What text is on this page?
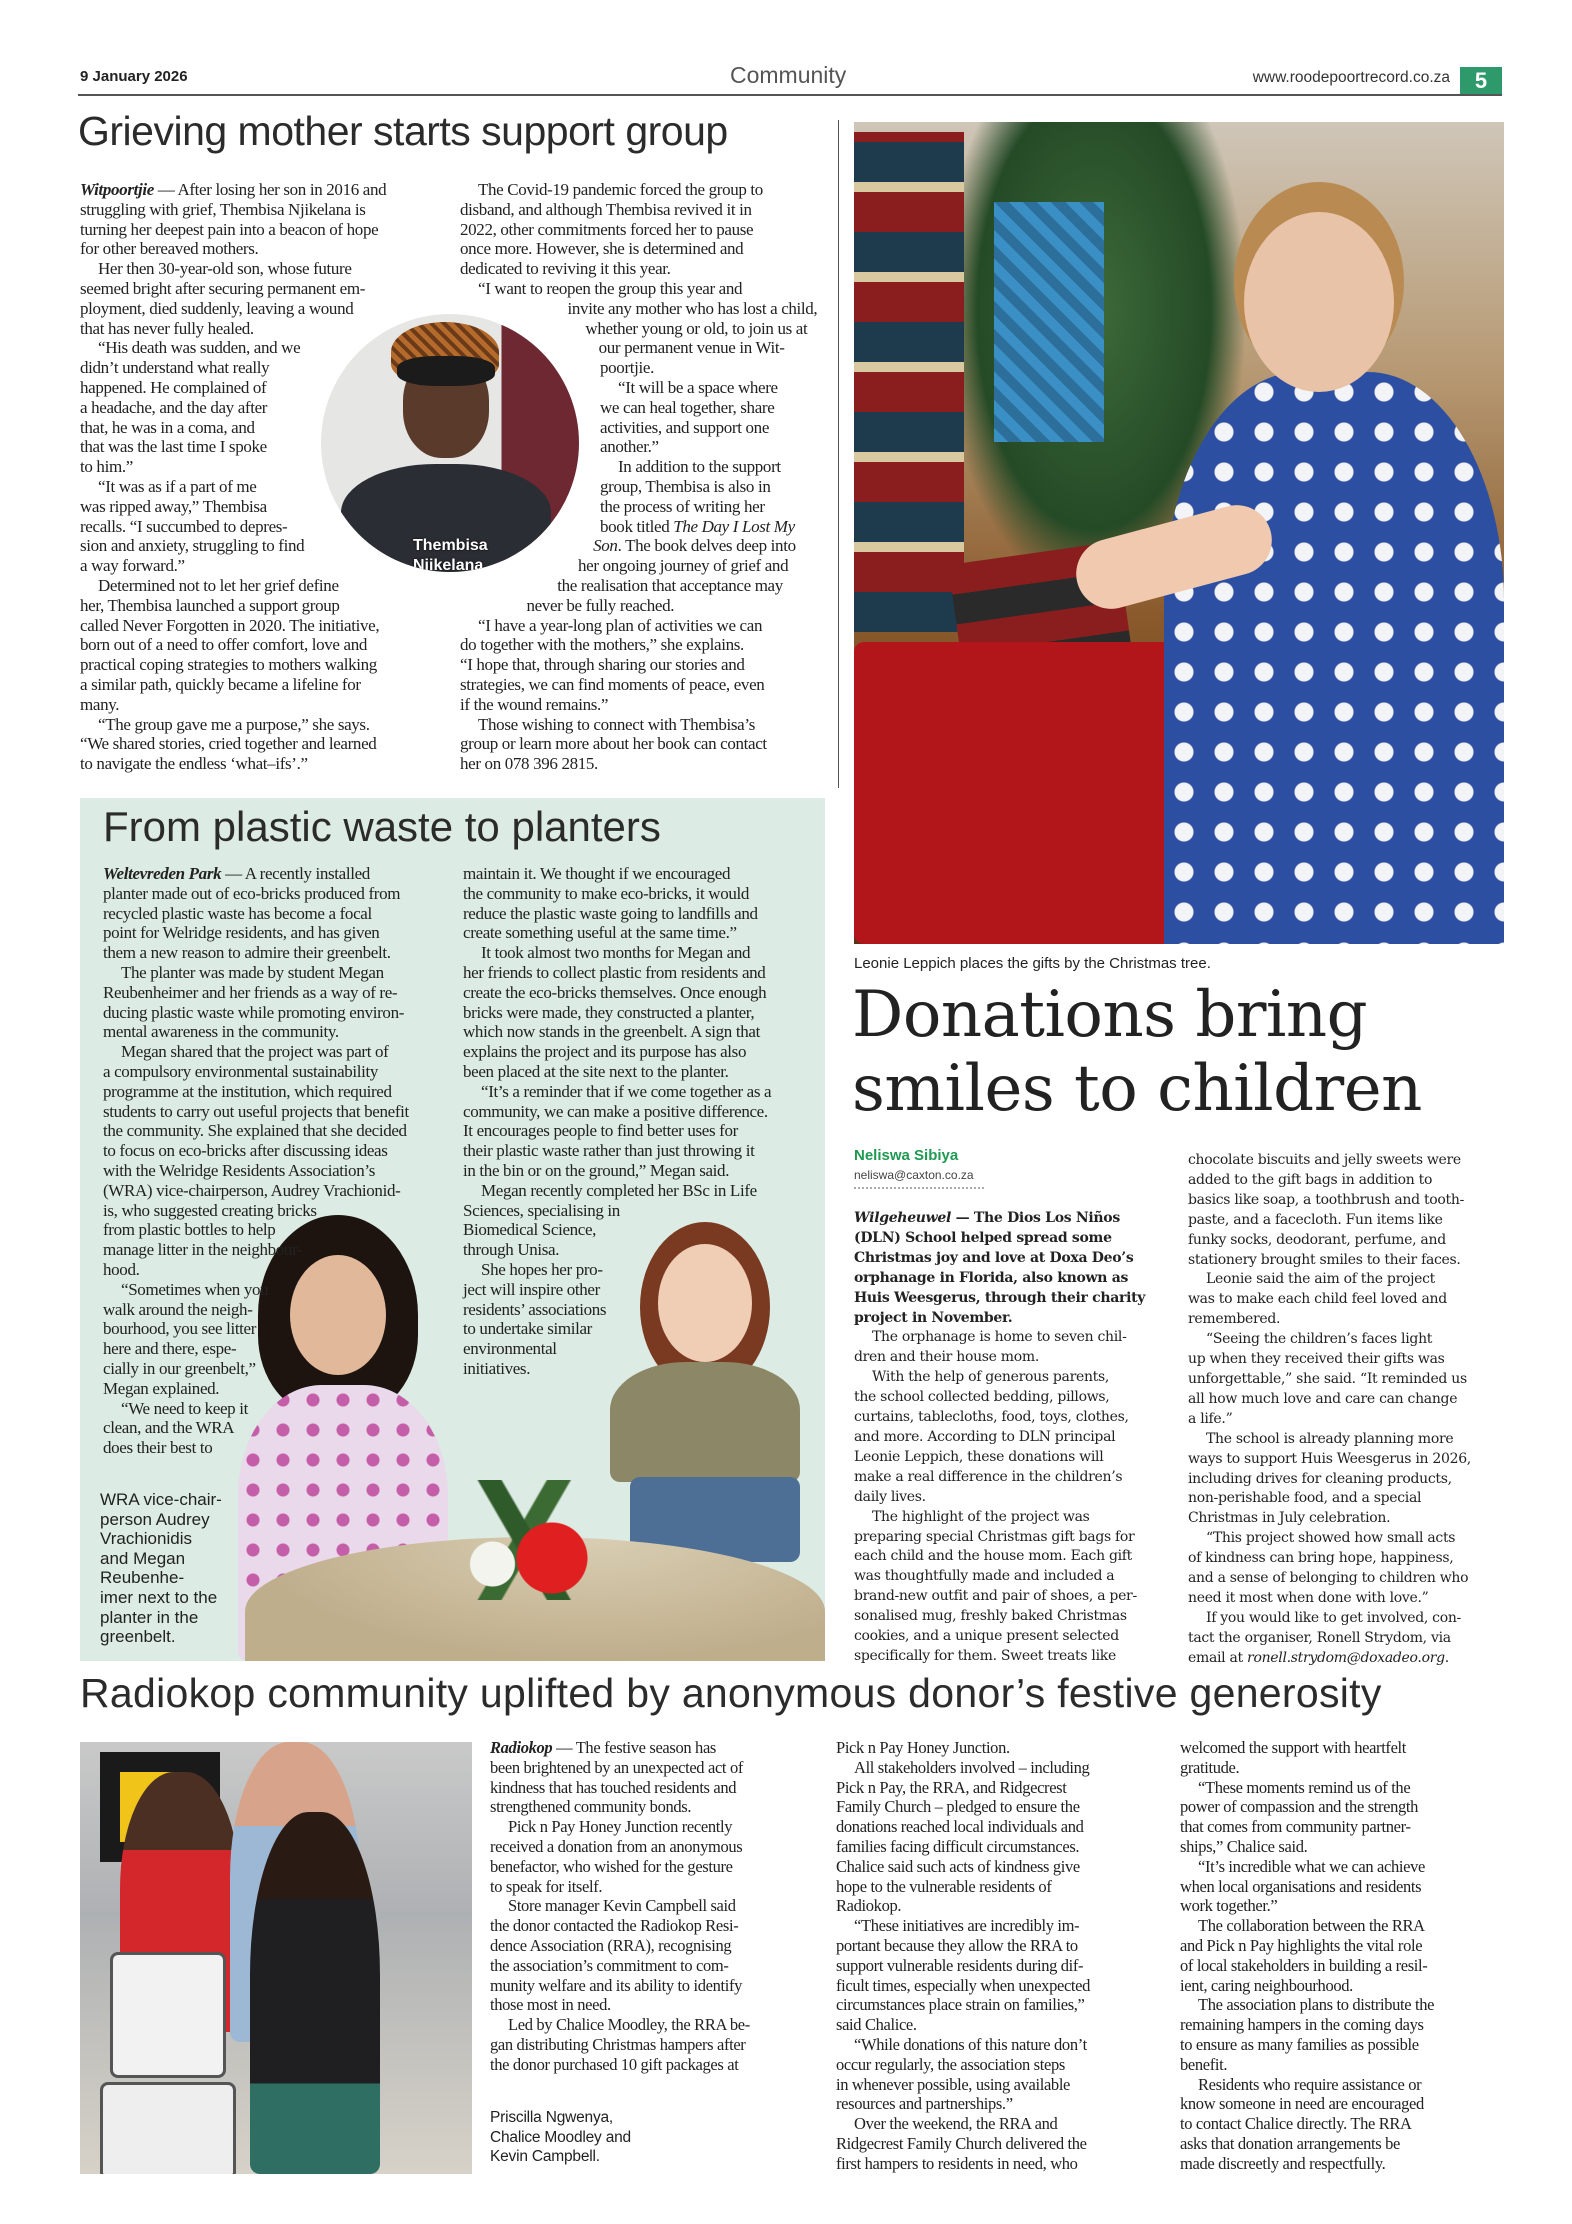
9 January 2026	Community	www.roodepoortrecord.co.za	5
Grieving mother starts support group
Witpoortjie — After losing her son in 2016 and
struggling with grief, Thembisa Njikelana is
turning her deepest pain into a beacon of hope
for other bereaved mothers.
Her then 30-year-old son, whose future
seemed bright after securing permanent em-
ployment, died suddenly, leaving a wound
that has never fully healed.
“His death was sudden, and we
didn’t understand what really
happened. He complained of
a headache, and the day after
that, he was in a coma, and
that was the last time I spoke
to him.”
“It was as if a part of me
was ripped away,” Thembisa
recalls. “I succumbed to depres-
sion and anxiety, struggling to find
a way forward.”
Determined not to let her grief define
her, Thembisa launched a support group
called Never Forgotten in 2020. The initiative,
born out of a need to offer comfort, love and
practical coping strategies to mothers walking
a similar path, quickly became a lifeline for
many.
“The group gave me a purpose,” she says.
“We shared stories, cried together and learned
to navigate the endless ‘what–ifs’.”
The Covid-19 pandemic forced the group to
disband, and although Thembisa revived it in
2022, other commitments forced her to pause
once more. However, she is determined and
dedicated to reviving it this year.
“I want to reopen the group this year and
invite any mother who has lost a child,
whether young or old, to join us at
our permanent venue in Wit-
poortjie.
“It will be a space where
we can heal together, share
activities, and support one
another.”
In addition to the support
group, Thembisa is also in
the process of writing her
book titled The Day I Lost My
Son. The book delves deep into
her ongoing journey of grief and
the realisation that acceptance may
never be fully reached.
“I have a year-long plan of activities we can
do together with the mothers,” she explains.
“I hope that, through sharing our stories and
strategies, we can find moments of peace, even
if the wound remains.”
Those wishing to connect with Thembisa’s
group or learn more about her book can contact
her on 078 396 2815.
Thembisa
Njikelana.
Leonie Leppich places the gifts by the Christmas tree.
Donations bring
smiles to children
Neliswa Sibiya
neliswa@caxton.co.za
Wilgeheuwel — The Dios Los Niños
(DLN) School helped spread some
Christmas joy and love at Doxa Deo’s
orphanage in Florida, also known as
Huis Weesgerus, through their charity
project in November.
The orphanage is home to seven chil-
dren and their house mom.
With the help of generous parents,
the school collected bedding, pillows,
curtains, tablecloths, food, toys, clothes,
and more. According to DLN principal
Leonie Leppich, these donations will
make a real difference in the children’s
daily lives.
The highlight of the project was
preparing special Christmas gift bags for
each child and the house mom. Each gift
was thoughtfully made and included a
brand-new outfit and pair of shoes, a per-
sonalised mug, freshly baked Christmas
cookies, and a unique present selected
specifically for them. Sweet treats like
chocolate biscuits and jelly sweets were
added to the gift bags in addition to
basics like soap, a toothbrush and tooth-
paste, and a facecloth. Fun items like
funky socks, deodorant, perfume, and
stationery brought smiles to their faces.
Leonie said the aim of the project
was to make each child feel loved and
remembered.
“Seeing the children’s faces light
up when they received their gifts was
unforgettable,” she said. “It reminded us
all how much love and care can change
a life.”
The school is already planning more
ways to support Huis Weesgerus in 2026,
including drives for cleaning products,
non-perishable food, and a special
Christmas in July celebration.
“This project showed how small acts
of kindness can bring hope, happiness,
and a sense of belonging to children who
need it most when done with love.”
If you would like to get involved, con-
tact the organiser, Ronell Strydom, via
email at ronell.strydom@doxadeo.org.
From plastic waste to planters
Weltevreden Park — A recently installed
planter made out of eco-bricks produced from
recycled plastic waste has become a focal
point for Welridge residents, and has given
them a new reason to admire their greenbelt.
The planter was made by student Megan
Reubenheimer and her friends as a way of re-
ducing plastic waste while promoting environ-
mental awareness in the community.
Megan shared that the project was part of
a compulsory environmental sustainability
programme at the institution, which required
students to carry out useful projects that benefit
the community. She explained that she decided
to focus on eco-bricks after discussing ideas
with the Welridge Residents Association’s
(WRA) vice-chairperson, Audrey Vrachionid-
is, who suggested creating bricks
from plastic bottles to help
manage litter in the neighbour-
hood.
“Sometimes when you
walk around the neigh-
bourhood, you see litter
here and there, espe-
cially in our greenbelt,”
Megan explained.
“We need to keep it
clean, and the WRA
does their best to
maintain it. We thought if we encouraged
the community to make eco-bricks, it would
reduce the plastic waste going to landfills and
create something useful at the same time.”
It took almost two months for Megan and
her friends to collect plastic from residents and
create the eco-bricks themselves. Once enough
bricks were made, they constructed a planter,
which now stands in the greenbelt. A sign that
explains the project and its purpose has also
been placed at the site next to the planter.
“It’s a reminder that if we come together as a
community, we can make a positive difference.
It encourages people to find better uses for
their plastic waste rather than just throwing it
in the bin or on the ground,” Megan said.
Megan recently completed her BSc in Life
Sciences, specialising in
Biomedical Science,
through Unisa.
She hopes her pro-
ject will inspire other
residents’ associations
to undertake similar
environmental
initiatives.
WRA vice-chair-
person Audrey
Vrachionidis
and Megan
Reubenhe-
imer next to the
planter in the
greenbelt.
Radiokop community uplifted by anonymous donor’s festive generosity
Radiokop — The festive season has
been brightened by an unexpected act of
kindness that has touched residents and
strengthened community bonds.
Pick n Pay Honey Junction recently
received a donation from an anonymous
benefactor, who wished for the gesture
to speak for itself.
Store manager Kevin Campbell said
the donor contacted the Radiokop Resi-
dence Association (RRA), recognising
the association’s commitment to com-
munity welfare and its ability to identify
those most in need.
Led by Chalice Moodley, the RRA be-
gan distributing Christmas hampers after
the donor purchased 10 gift packages at
Pick n Pay Honey Junction.
All stakeholders involved – including
Pick n Pay, the RRA, and Ridgecrest
Family Church – pledged to ensure the
donations reached local individuals and
families facing difficult circumstances.
Chalice said such acts of kindness give
hope to the vulnerable residents of
Radiokop.
“These initiatives are incredibly im-
portant because they allow the RRA to
support vulnerable residents during dif-
ficult times, especially when unexpected
circumstances place strain on families,”
said Chalice.
“While donations of this nature don’t
occur regularly, the association steps
in whenever possible, using available
resources and partnerships.”
Over the weekend, the RRA and
Ridgecrest Family Church delivered the
first hampers to residents in need, who
welcomed the support with heartfelt
gratitude.
“These moments remind us of the
power of compassion and the strength
that comes from community partner-
ships,” Chalice said.
“It’s incredible what we can achieve
when local organisations and residents
work together.”
The collaboration between the RRA
and Pick n Pay highlights the vital role
of local stakeholders in building a resil-
ient, caring neighbourhood.
The association plans to distribute the
remaining hampers in the coming days
to ensure as many families as possible
benefit.
Residents who require assistance or
know someone in need are encouraged
to contact Chalice directly. The RRA
asks that donation arrangements be
made discreetly and respectfully.
Priscilla Ngwenya,
Chalice Moodley and
Kevin Campbell.
